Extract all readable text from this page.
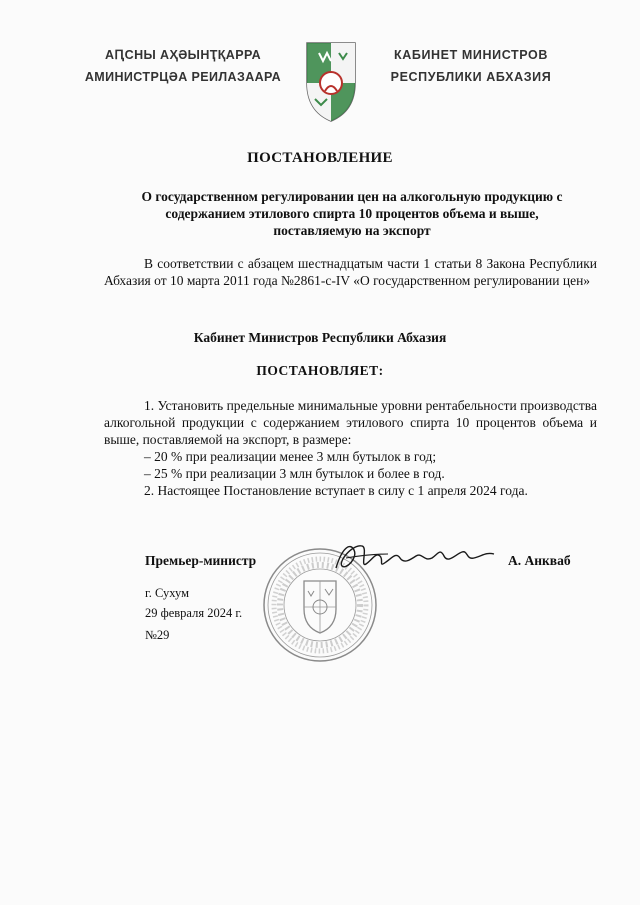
АԤСНЫ АҲӘЫНҬҚАРРА
АМИНИСТРЦӘА РЕИЛАЗААРА
КАБИНЕТ МИНИСТРОВ
РЕСПУБЛИКИ АБХАЗИЯ
ПОСТАНОВЛЕНИЕ
О государственном регулировании цен на алкогольную продукцию с
содержанием этилового спирта 10 процентов объема и выше,
поставляемую на экспорт
В соответствии с абзацем шестнадцатым части 1 статьи 8 Закона Республики Абхазия от 10 марта 2011 года №2861-с-IV «О государственном регулировании цен»
Кабинет Министров Республики Абхазия
ПОСТАНОВЛЯЕТ:

1. Установить предельные минимальные уровни рентабельности производства алкогольной продукции с содержанием этилового спирта 10 процентов объема и выше, поставляемой на экспорт, в размере:

– 20 % при реализации менее 3 млн бутылок в год;

– 25 % при реализации 3 млн бутылок и более в год.

2. Настоящее Постановление вступает в силу с 1 апреля 2024 года.

Премьер-министр	А. Анкваб
г. Сухум
29 февраля 2024 г.
№29
